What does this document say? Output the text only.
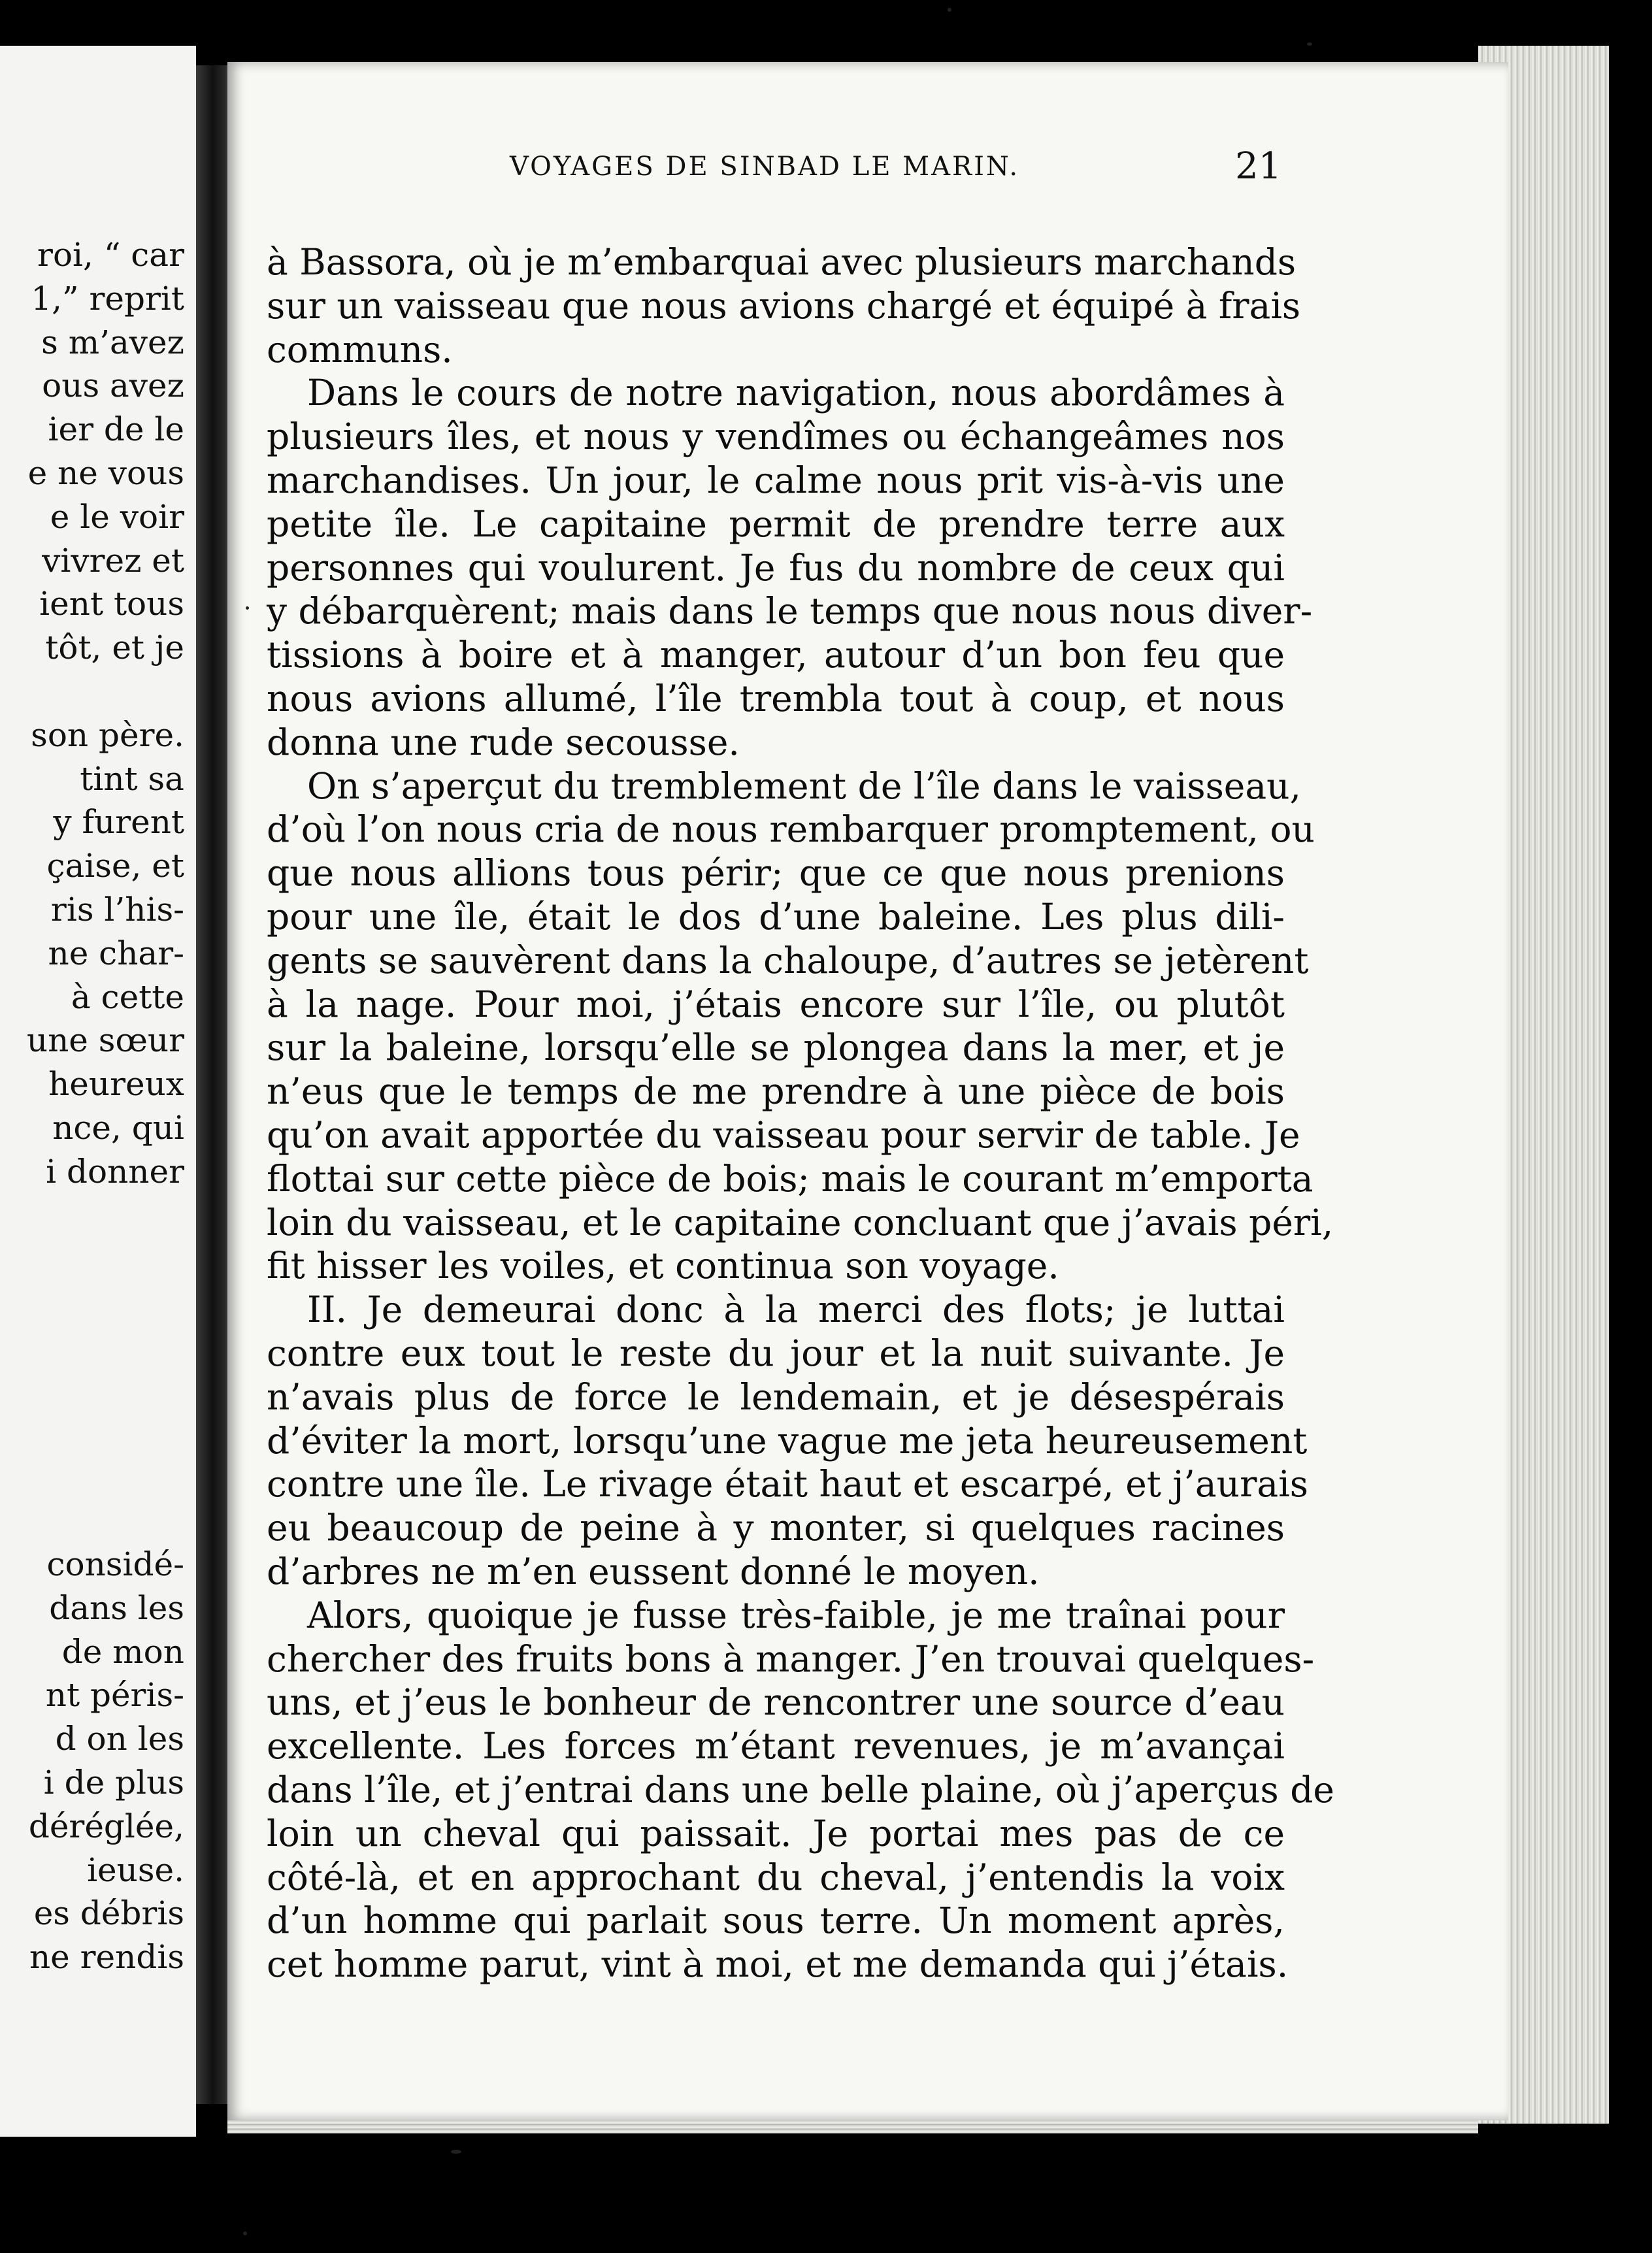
roi, “ car
1,” reprit
s m’avez
ous avez
ier de le
e ne vous
e le voir
vivrez et
ient tous
tôt, et je
son père.
tint sa
y furent
çaise, et
ris l’his-
ne char-
à cette
une sœur
heureux
nce, qui
i donner
considé-
dans les
de mon
nt péris-
d on les
i de plus
déréglée,
ieuse.
es débris
ne rendis
VOYAGES DE SINBAD LE MARIN.	21
à Bassora, où je m’embarquai avec plusieurs marchands
sur un vaisseau que nous avions chargé et équipé à frais
communs.
Dans le cours de notre navigation, nous abordâmes à
plusieurs îles, et nous y vendîmes ou échangeâmes nos
marchandises. Un jour, le calme nous prit vis-à-vis une
petite île. Le capitaine permit de prendre terre aux
personnes qui voulurent. Je fus du nombre de ceux qui
y débarquèrent; mais dans le temps que nous nous diver-
tissions à boire et à manger, autour d’un bon feu que
nous avions allumé, l’île trembla tout à coup, et nous
donna une rude secousse.
On s’aperçut du tremblement de l’île dans le vaisseau,
d’où l’on nous cria de nous rembarquer promptement, ou
que nous allions tous périr; que ce que nous prenions
pour une île, était le dos d’une baleine. Les plus dili-
gents se sauvèrent dans la chaloupe, d’autres se jetèrent
à la nage. Pour moi, j’étais encore sur l’île, ou plutôt
sur la baleine, lorsqu’elle se plongea dans la mer, et je
n’eus que le temps de me prendre à une pièce de bois
qu’on avait apportée du vaisseau pour servir de table. Je
flottai sur cette pièce de bois; mais le courant m’emporta
loin du vaisseau, et le capitaine concluant que j’avais péri,
fit hisser les voiles, et continua son voyage.
II. Je demeurai donc à la merci des flots; je luttai
contre eux tout le reste du jour et la nuit suivante. Je
n’avais plus de force le lendemain, et je désespérais
d’éviter la mort, lorsqu’une vague me jeta heureusement
contre une île. Le rivage était haut et escarpé, et j’aurais
eu beaucoup de peine à y monter, si quelques racines
d’arbres ne m’en eussent donné le moyen.
Alors, quoique je fusse très-faible, je me traînai pour
chercher des fruits bons à manger. J’en trouvai quelques-
uns, et j’eus le bonheur de rencontrer une source d’eau
excellente. Les forces m’étant revenues, je m’avançai
dans l’île, et j’entrai dans une belle plaine, où j’aperçus de
loin un cheval qui paissait. Je portai mes pas de ce
côté-là, et en approchant du cheval, j’entendis la voix
d’un homme qui parlait sous terre. Un moment après,
cet homme parut, vint à moi, et me demanda qui j’étais.
